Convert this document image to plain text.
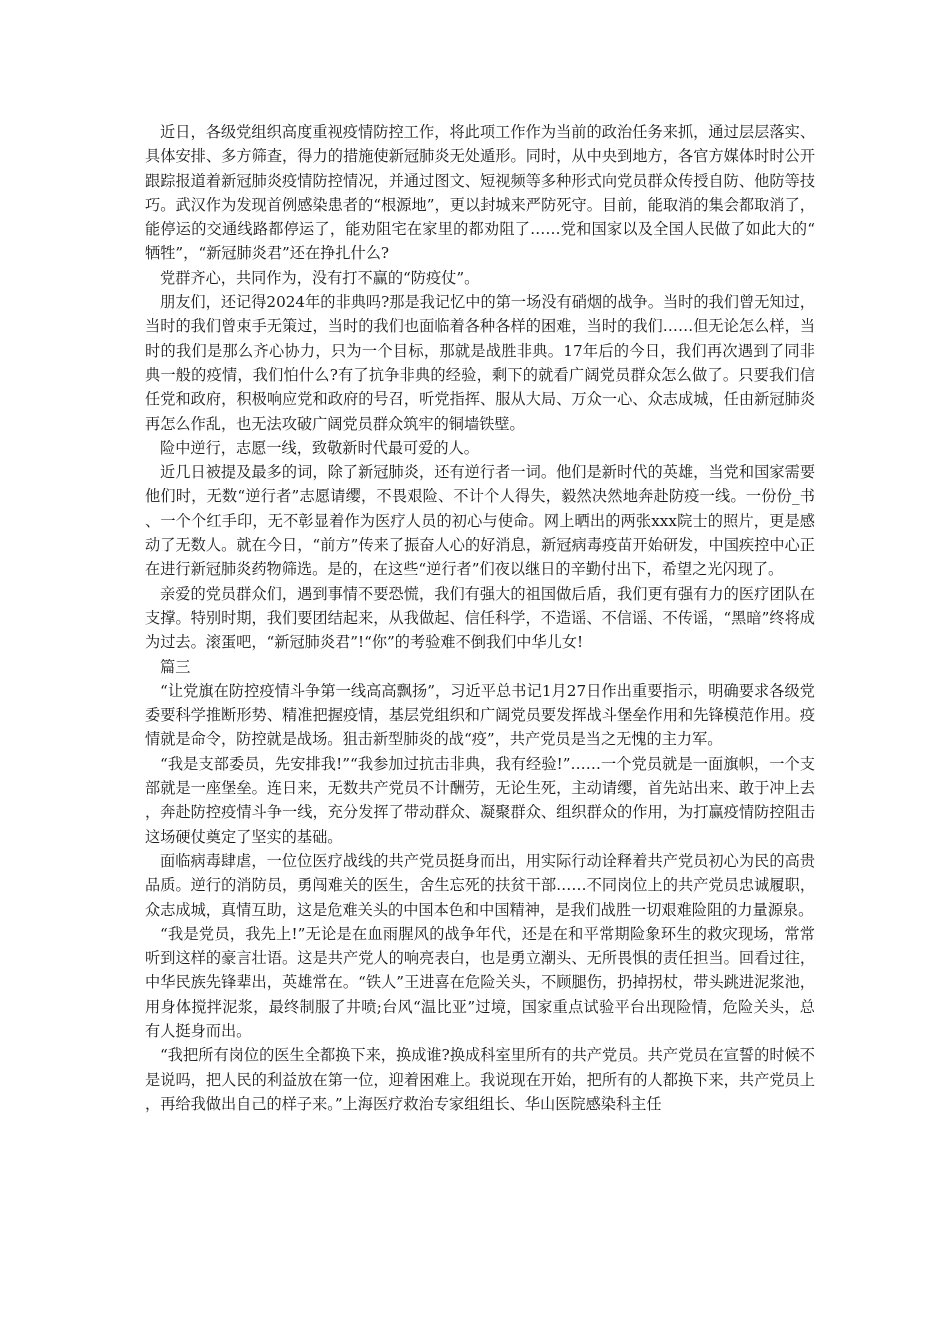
近日，各级党组织高度重视疫情防控工作，将此项工作作为当前的政治任务来抓，通过层层落实、具体安排、多方筛查，得力的措施使新冠肺炎无处遁形。同时，从中央到地方，各官方媒体时时公开跟踪报道着新冠肺炎疫情防控情况，并通过图文、短视频等多种形式向党员群众传授自防、他防等技巧。武汉作为发现首例感染患者的“根源地”，更以封城来严防死守。目前，能取消的集会都取消了，能停运的交通线路都停运了，能劝阻宅在家里的都劝阻了……党和国家以及全国人民做了如此大的“牺牲”，“新冠肺炎君”还在挣扎什么?

党群齐心，共同作为，没有打不赢的“防疫仗”。

朋友们，还记得2024年的非典吗?那是我记忆中的第一场没有硝烟的战争。当时的我们曾无知过，当时的我们曾束手无策过，当时的我们也面临着各种各样的困难，当时的我们……但无论怎么样，当时的我们是那么齐心协力，只为一个目标，那就是战胜非典。17年后的今日，我们再次遇到了同非典一般的疫情，我们怕什么?有了抗争非典的经验，剩下的就看广阔党员群众怎么做了。只要我们信任党和政府，积极响应党和政府的号召，听党指挥、服从大局、万众一心、众志成城，任由新冠肺炎再怎么作乱，也无法攻破广阔党员群众筑牢的铜墙铁壁。

险中逆行，志愿一线，致敬新时代最可爱的人。

近几日被提及最多的词，除了新冠肺炎，还有逆行者一词。他们是新时代的英雄，当党和国家需要他们时，无数“逆行者”志愿请缨，不畏艰险、不计个人得失，毅然决然地奔赴防疫一线。一份份_书、一个个红手印，无不彰显着作为医疗人员的初心与使命。网上晒出的两张xxx院士的照片，更是感动了无数人。就在今日，“前方”传来了振奋人心的好消息，新冠病毒疫苗开始研发，中国疾控中心正在进行新冠肺炎药物筛选。是的，在这些“逆行者”们夜以继日的辛勤付出下，希望之光闪现了。

亲爱的党员群众们，遇到事情不要恐慌，我们有强大的祖国做后盾，我们更有强有力的医疗团队在支撑。特别时期，我们要团结起来，从我做起、信任科学，不造谣、不信谣、不传谣，“黑暗”终将成为过去。滚蛋吧，“新冠肺炎君”!“你”的考验难不倒我们中华儿女!

篇三

“让党旗在防控疫情斗争第一线高高飘扬”，习近平总书记1月27日作出重要指示，明确要求各级党委要科学推断形势、精准把握疫情，基层党组织和广阔党员要发挥战斗堡垒作用和先锋模范作用。疫情就是命令，防控就是战场。狙击新型肺炎的战“疫”，共产党员是当之无愧的主力军。

“我是支部委员，先安排我!”“我参加过抗击非典，我有经验!”……一个党员就是一面旗帜，一个支部就是一座堡垒。连日来，无数共产党员不计酬劳，无论生死，主动请缨，首先站出来、敢于冲上去，奔赴防控疫情斗争一线，充分发挥了带动群众、凝聚群众、组织群众的作用，为打赢疫情防控阻击这场硬仗奠定了坚实的基础。

面临病毒肆虐，一位位医疗战线的共产党员挺身而出，用实际行动诠释着共产党员初心为民的高贵品质。逆行的消防员，勇闯难关的医生，舍生忘死的扶贫干部……不同岗位上的共产党员忠诚履职，众志成城，真情互助，这是危难关头的中国本色和中国精神，是我们战胜一切艰难险阻的力量源泉。

“我是党员，我先上!”无论是在血雨腥风的战争年代，还是在和平常期险象环生的救灾现场，常常听到这样的豪言壮语。这是共产党人的响亮表白，也是勇立潮头、无所畏惧的责任担当。回看过往，中华民族先锋辈出，英雄常在。“铁人”王进喜在危险关头，不顾腿伤，扔掉拐杖，带头跳进泥浆池，用身体搅拌泥浆，最终制服了井喷;台风“温比亚”过境，国家重点试验平台出现险情，危险关头，总有人挺身而出。

“我把所有岗位的医生全都换下来，换成谁?换成科室里所有的共产党员。共产党员在宣誓的时候不是说吗，把人民的利益放在第一位，迎着困难上。我说现在开始，把所有的人都换下来，共产党员上，再给我做出自己的样子来。”上海医疗救治专家组组长、华山医院感染科主任
